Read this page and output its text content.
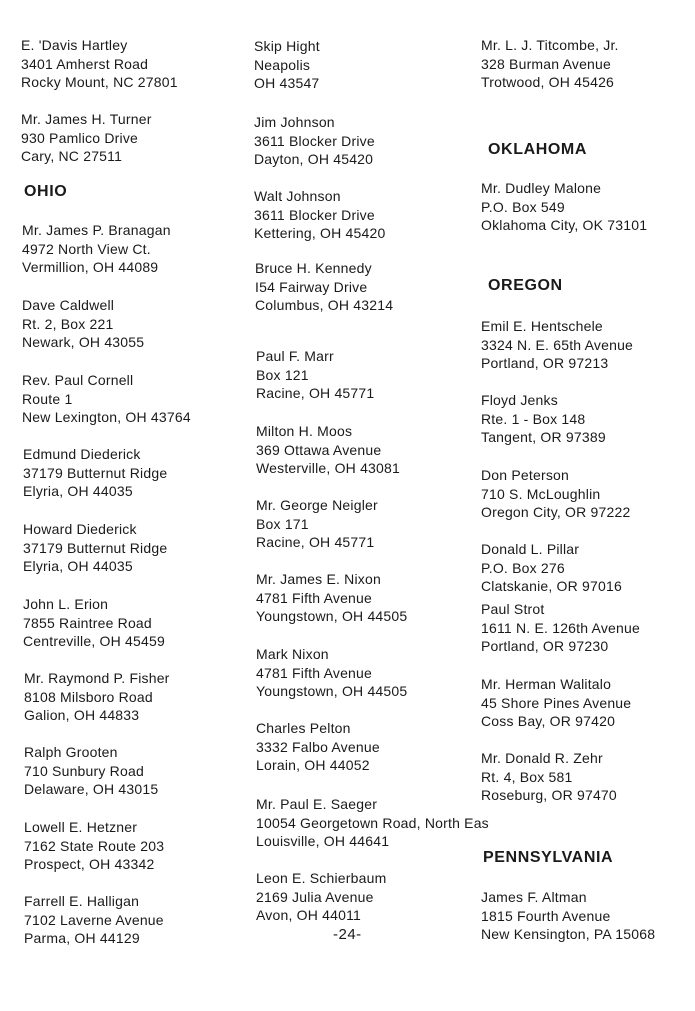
E. 'Davis Hartley
3401 Amherst Road
Rocky Mount, NC 27801
Mr. James H. Turner
930 Pamlico Drive
Cary, NC 27511
OHIO
Mr. James P. Branagan
4972 North View Ct.
Vermillion, OH 44089
Dave Caldwell
Rt. 2, Box 221
Newark, OH 43055
Rev. Paul Cornell
Route 1
New Lexington, OH 43764
Edmund Diederick
37179 Butternut Ridge
Elyria, OH 44035
Howard Diederick
37179 Butternut Ridge
Elyria, OH 44035
John L. Erion
7855 Raintree Road
Centreville, OH 45459
Mr. Raymond P. Fisher
8108 Milsboro Road
Galion, OH 44833
Ralph Grooten
710 Sunbury Road
Delaware, OH 43015
Lowell E. Hetzner
7162 State Route 203
Prospect, OH 43342
Farrell E. Halligan
7102 Laverne Avenue
Parma, OH 44129
Skip Hight
Neapolis
OH 43547
Jim Johnson
3611 Blocker Drive
Dayton, OH 45420
Walt Johnson
3611 Blocker Drive
Kettering, OH 45420
Bruce H. Kennedy
I54 Fairway Drive
Columbus, OH 43214
Paul F. Marr
Box 121
Racine, OH 45771
Milton H. Moos
369 Ottawa Avenue
Westerville, OH 43081
Mr. George Neigler
Box 171
Racine, OH 45771
Mr. James E. Nixon
4781 Fifth Avenue
Youngstown, OH 44505
Mark Nixon
4781 Fifth Avenue
Youngstown, OH 44505
Charles Pelton
3332 Falbo Avenue
Lorain, OH 44052
Mr. Paul E. Saeger
10054 Georgetown Road, North Eas
Louisville, OH 44641
Leon E. Schierbaum
2169 Julia Avenue
Avon, OH 44011
-24-
Mr. L. J. Titcombe, Jr.
328 Burman Avenue
Trotwood, OH 45426
OKLAHOMA
Mr. Dudley Malone
P.O. Box 549
Oklahoma City, OK 73101
OREGON
Emil E. Hentschele
3324 N. E. 65th Avenue
Portland, OR 97213
Floyd Jenks
Rte. 1 - Box 148
Tangent, OR 97389
Don Peterson
710 S. McLoughlin
Oregon City, OR 97222
Donald L. Pillar
P.O. Box 276
Clatskanie, OR 97016
Paul Strot
1611 N. E. 126th Avenue
Portland, OR 97230
Mr. Herman Walitalo
45 Shore Pines Avenue
Coss Bay, OR 97420
Mr. Donald R. Zehr
Rt. 4, Box 581
Roseburg, OR 97470
PENNSYLVANIA
James F. Altman
1815 Fourth Avenue
New Kensington, PA 15068
